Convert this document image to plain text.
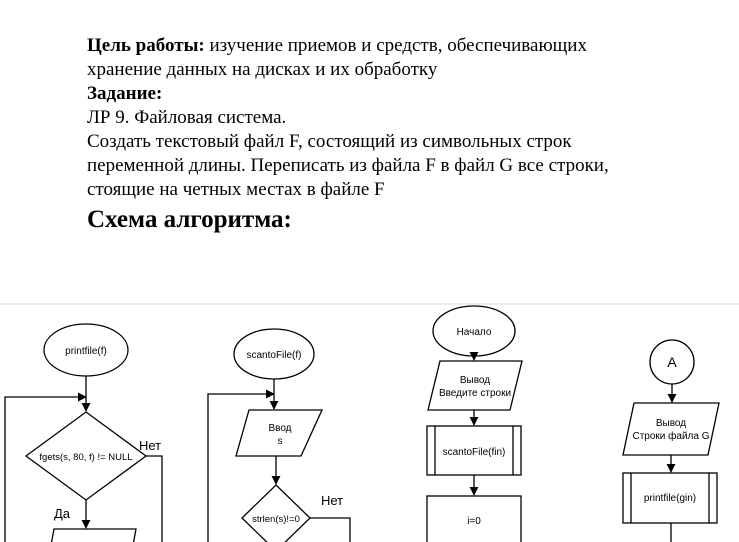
Цель работы: изучение приемов и средств, обеспечивающих

хранение данных на дисках и их обработку

Задание:

ЛР 9. Файловая система.

Создать текстовый файл F, состоящий из символьных строк

переменной длины. Переписать из файла F в файл G все строки,

стоящие на четных местах в файле F

Схема алгоритма:
printfile(f)
fgets(s, 80, f) != NULL
Нет
Да
scantoFile(f)
Ввод
s
strlen(s)!=0
Нет
Начало
Вывод
Введите строки
scantoFile(fin)
i=0
A
Вывод
Строки файла G
printfile(gin)
